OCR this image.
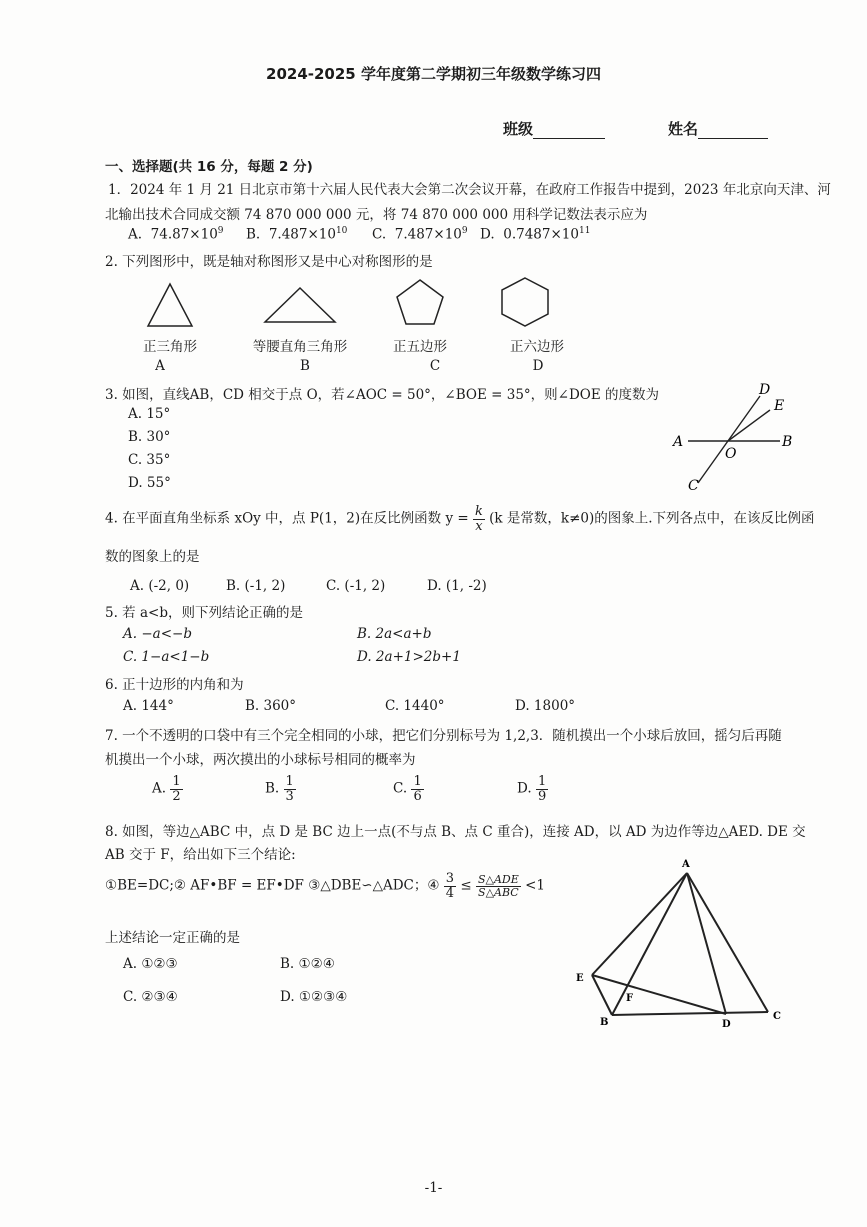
2024-2025 学年度第二学期初三年级数学练习四
班级	姓名
一、选择题(共 16 分，每题 2 分)
1．2024 年 1 月 21 日北京市第十六届人民代表大会第二次会议开幕，在政府工作报告中提到，2023 年北京向天津、河
北输出技术合同成交额 74 870 000 000 元，将 74 870 000 000 用科学记数法表示应为
A. $74.87\times 10^9$ B. $7.487\times 10^{10}$ C. $7.487\times 10^9$ D. $0.7487\times 10^{11}$
2. 下列图形中，既是轴对称图形又是中心对称图形的是
正三角形	等腰直角三角形	正五边形	正六边形
A	B	C	D
3. 如图，直线AB，CD 相交于点 O，若∠AOC = 50°，∠BOE = 35°，则∠DOE 的度数为
A. 15°
B. 30°
C. 35°
D. 55°
D
E
A	B
O
C
4. 在平面直角坐标系 xOy 中，点 P(1，2)在反比例函数 $y = \frac{k}{x} (k$ 是常数，k≠0)的图象上.下列各点中，在该反比例函
数的图象上的是
A. (-2, 0)	B. (-1, 2)	C. (-1, 2)	D. (1, -2)
5. 若 a<b，则下列结论正确的是
A. −a<−b	B. 2a<a+b
C. 1−a<1−b	D. 2a+1>2b+1
6. 正十边形的内角和为
A. 144°	B. 360°	C. 1440°	D. 1800°
7. 一个不透明的口袋中有三个完全相同的小球，把它们分别标号为 1,2,3．随机摸出一个小球后放回，摇匀后再随
机摸出一个小球，两次摸出的小球标号相同的概率为
A. $\frac{1}{2}$	B. $\frac{1}{3}$	C. $\frac{1}{6}$	D. $\frac{1}{9}$
8. 如图，等边△ABC 中，点 D 是 BC 边上一点(不与点 B、点 C 重合)，连接 AD，以 AD 为边作等边△AED. DE 交
AB 交于 F，给出如下三个结论:
①BE=DC;② AF•BF = EF•DF ③△DBE∽△ADC；④ $\frac{3}{4} \le \frac{\text{S△ADE}}{\text{S△ABC}} <1$
上述结论一定正确的是
A. ①②③	B. ①②④
C. ②③④	D. ①②③④
A
E
F
B	D
C
-1-
